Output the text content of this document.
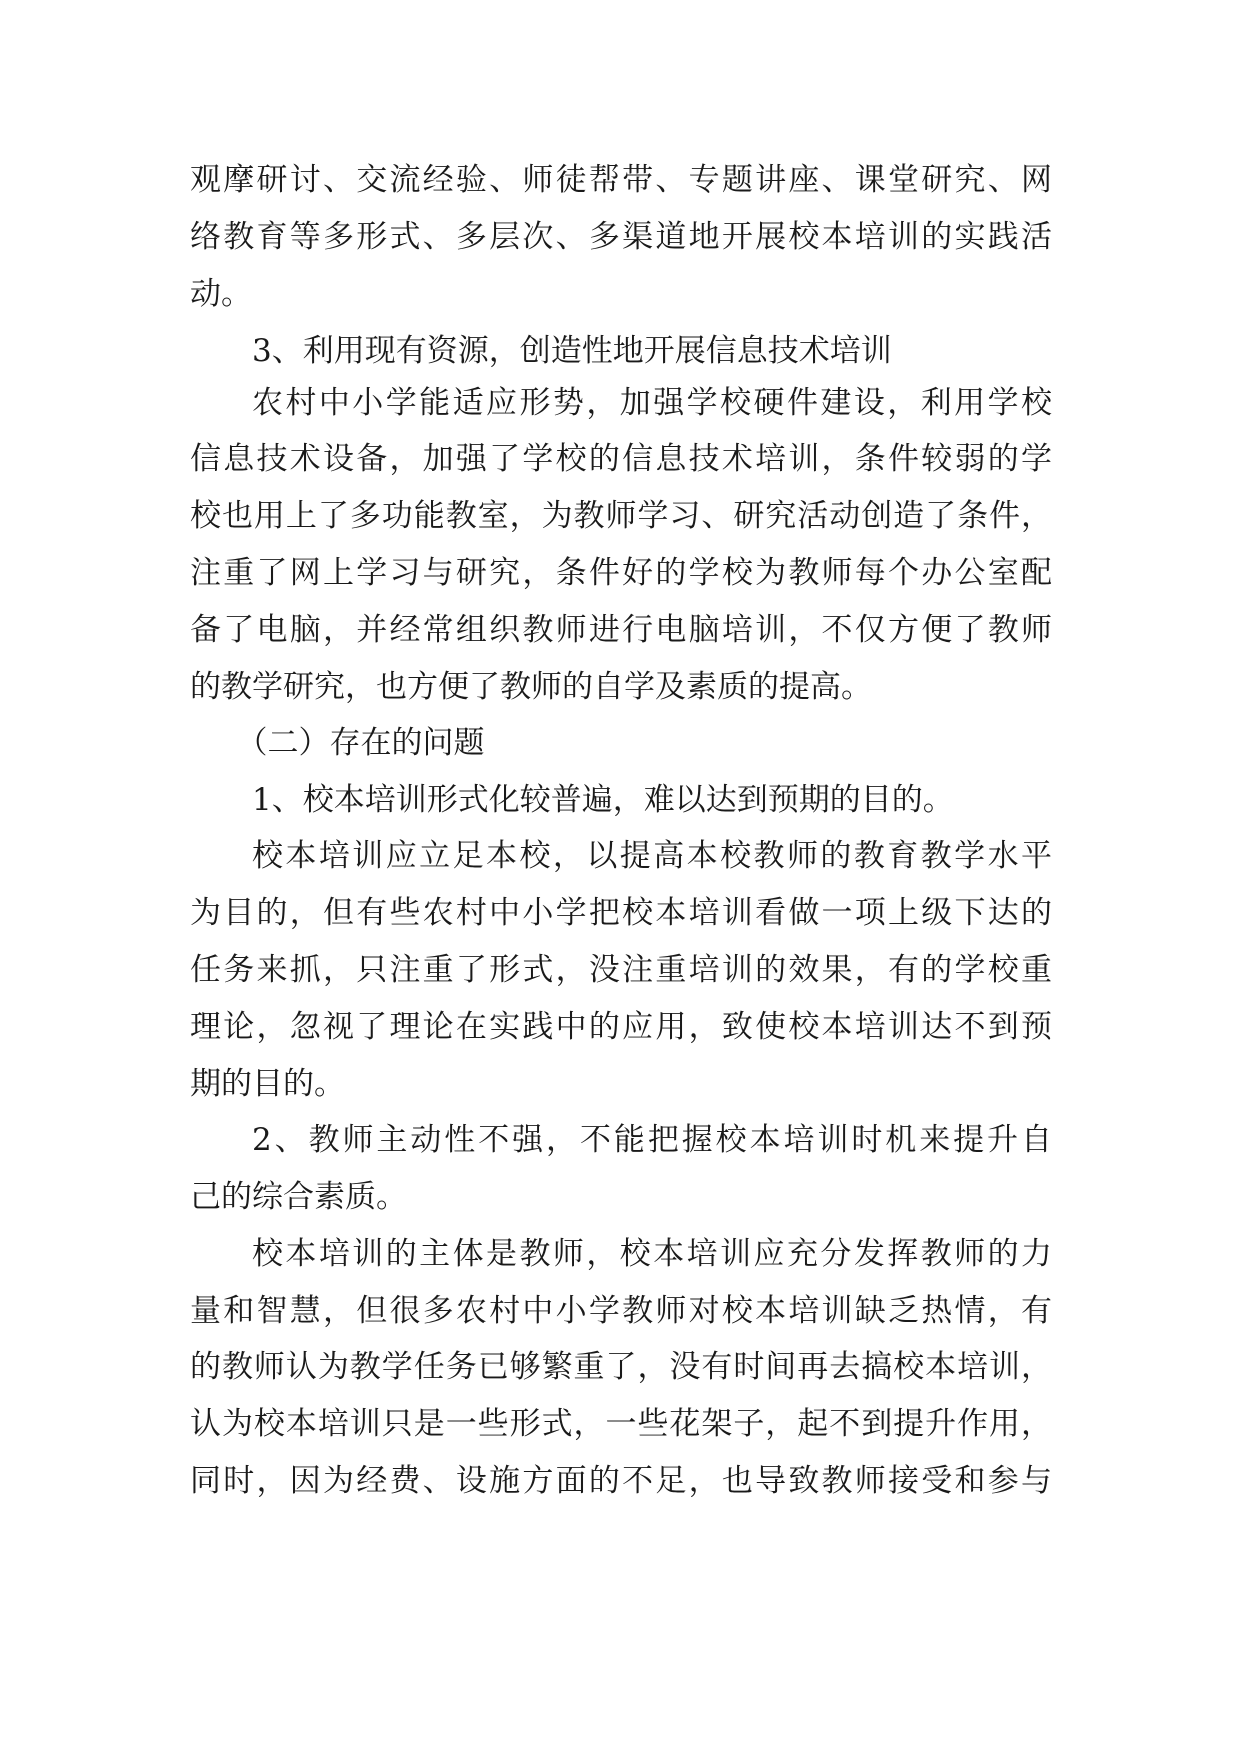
观摩研讨、交流经验、师徒帮带、专题讲座、课堂研究、网
络教育等多形式、多层次、多渠道地开展校本培训的实践活
动。
3、利用现有资源，创造性地开展信息技术培训
农村中小学能适应形势，加强学校硬件建设，利用学校
信息技术设备，加强了学校的信息技术培训，条件较弱的学
校也用上了多功能教室，为教师学习、研究活动创造了条件，
注重了网上学习与研究，条件好的学校为教师每个办公室配
备了电脑，并经常组织教师进行电脑培训，不仅方便了教师
的教学研究，也方便了教师的自学及素质的提高。
（二）存在的问题
1、校本培训形式化较普遍，难以达到预期的目的。
校本培训应立足本校，以提高本校教师的教育教学水平
为目的，但有些农村中小学把校本培训看做一项上级下达的
任务来抓，只注重了形式，没注重培训的效果，有的学校重
理论，忽视了理论在实践中的应用，致使校本培训达不到预
期的目的。
2、教师主动性不强，不能把握校本培训时机来提升自
己的综合素质。
校本培训的主体是教师，校本培训应充分发挥教师的力
量和智慧，但很多农村中小学教师对校本培训缺乏热情，有
的教师认为教学任务已够繁重了，没有时间再去搞校本培训，
认为校本培训只是一些形式，一些花架子，起不到提升作用，
同时，因为经费、设施方面的不足，也导致教师接受和参与
